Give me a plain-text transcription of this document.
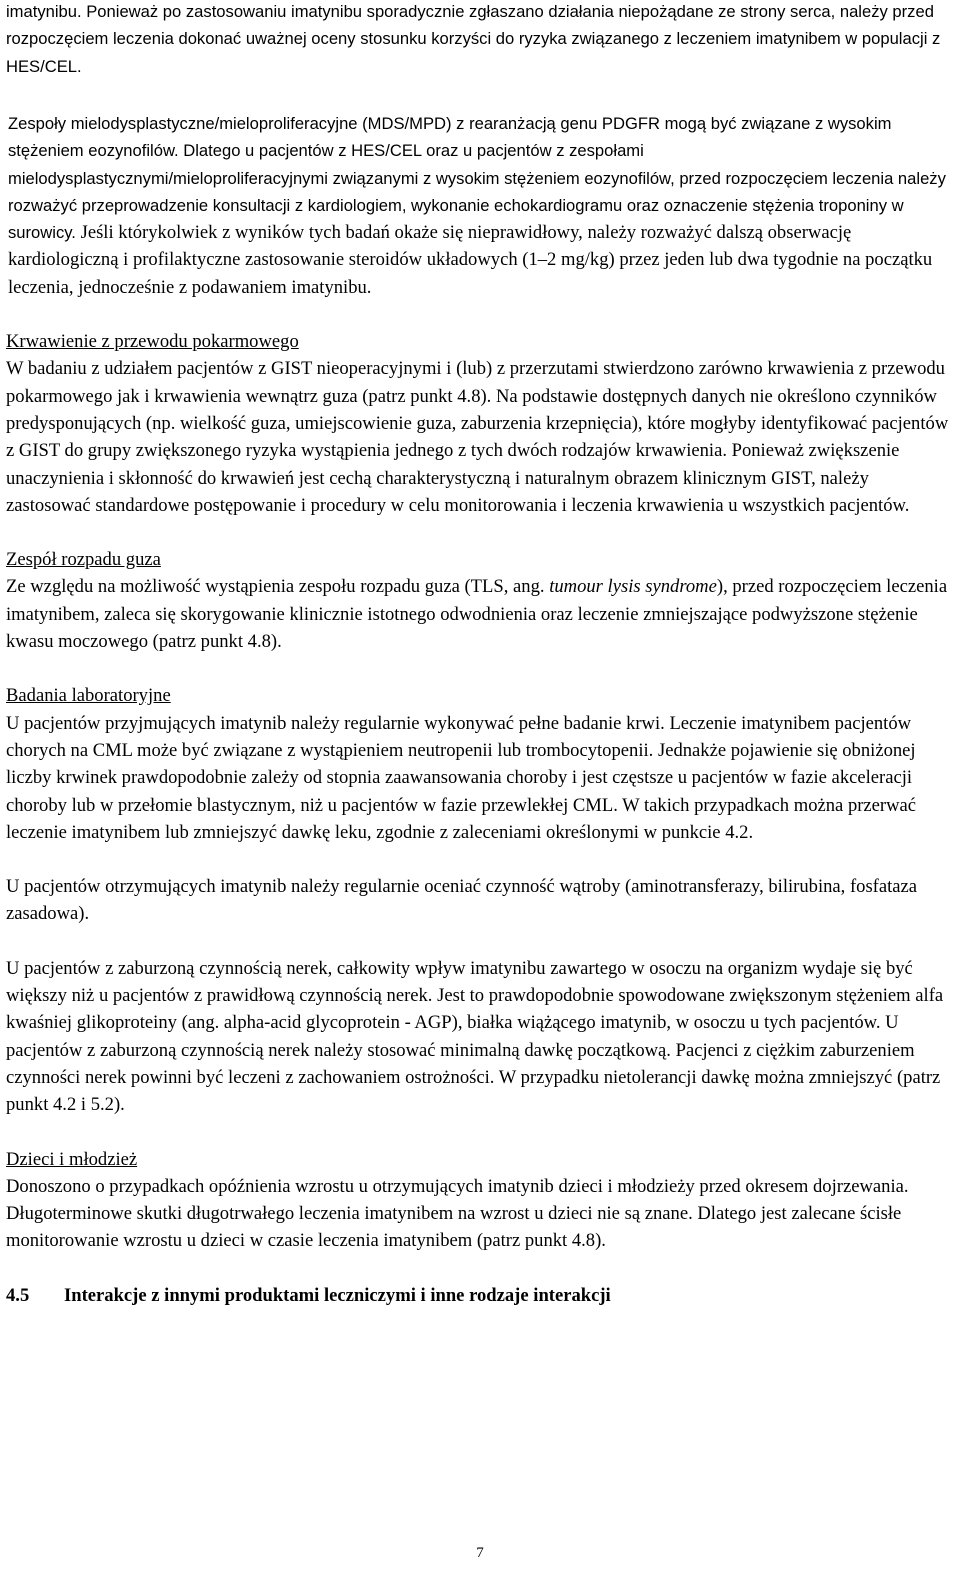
imatynibu. Ponieważ po zastosowaniu imatynibu sporadycznie zgłaszano działania niepożądane ze strony serca, należy przed rozpoczęciem leczenia dokonać uważnej oceny stosunku korzyści do ryzyka związanego z leczeniem imatynibem w populacji z HES/CEL.

Zespoły mielodysplastyczne/mieloproliferacyjne (MDS/MPD) z rearanżacją genu PDGFR mogą być związane z wysokim stężeniem eozynofilów. Dlatego u pacjentów z HES/CEL oraz u pacjentów z zespołami mielodysplastycznymi/mieloproliferacyjnymi związanymi z wysokim stężeniem eozynofilów, przed rozpoczęciem leczenia należy rozważyć przeprowadzenie konsultacji z kardiologiem, wykonanie echokardiogramu oraz oznaczenie stężenia troponiny w surowicy. Jeśli którykolwiek z wyników tych badań okaże się nieprawidłowy, należy rozważyć dalszą obserwację kardiologiczną i profilaktyczne zastosowanie steroidów układowych (1–2 mg/kg) przez jeden lub dwa tygodnie na początku leczenia, jednocześnie z podawaniem imatynibu.

Krwawienie z przewodu pokarmowego

W badaniu z udziałem pacjentów z GIST nieoperacyjnymi i (lub) z przerzutami stwierdzono zarówno krwawienia z przewodu pokarmowego jak i krwawienia wewnątrz guza (patrz punkt 4.8). Na podstawie dostępnych danych nie określono czynników predysponujących (np. wielkość guza, umiejscowienie guza, zaburzenia krzepnięcia), które mogłyby identyfikować pacjentów z GIST do grupy zwiększonego ryzyka wystąpienia jednego z tych dwóch rodzajów krwawienia. Ponieważ zwiększenie unaczynienia i skłonność do krwawień jest cechą charakterystyczną i naturalnym obrazem klinicznym GIST, należy zastosować standardowe postępowanie i procedury w celu monitorowania i leczenia krwawienia u wszystkich pacjentów.

Zespół rozpadu guza

Ze względu na możliwość wystąpienia zespołu rozpadu guza (TLS, ang. tumour lysis syndrome), przed rozpoczęciem leczenia imatynibem, zaleca się skorygowanie klinicznie istotnego odwodnienia oraz leczenie zmniejszające podwyższone stężenie kwasu moczowego (patrz punkt 4.8).

Badania laboratoryjne

U pacjentów przyjmujących imatynib należy regularnie wykonywać pełne badanie krwi. Leczenie imatynibem pacjentów chorych na CML może być związane z wystąpieniem neutropenii lub trombocytopenii. Jednakże pojawienie się obniżonej liczby krwinek prawdopodobnie zależy od stopnia zaawansowania choroby i jest częstsze u pacjentów w fazie akceleracji choroby lub w przełomie blastycznym, niż u pacjentów w fazie przewlekłej CML. W takich przypadkach można przerwać leczenie imatynibem lub zmniejszyć dawkę leku, zgodnie z zaleceniami określonymi w punkcie 4.2.

U pacjentów otrzymujących imatynib należy regularnie oceniać czynność wątroby (aminotransferazy, bilirubina, fosfataza zasadowa).

U pacjentów z zaburzoną czynnością nerek, całkowity wpływ imatynibu zawartego w osoczu na organizm wydaje się być większy niż u pacjentów z prawidłową czynnością nerek. Jest to prawdopodobnie spowodowane zwiększonym stężeniem alfa kwaśniej glikoproteiny (ang. alpha-acid glycoprotein - AGP), białka wiążącego imatynib, w osoczu u tych pacjentów. U pacjentów z zaburzoną czynnością nerek należy stosować minimalną dawkę początkową. Pacjenci z ciężkim zaburzeniem czynności nerek powinni być leczeni z zachowaniem ostrożności. W przypadku nietolerancji dawkę można zmniejszyć (patrz punkt 4.2 i 5.2).

Dzieci i młodzież

Donoszono o przypadkach opóźnienia wzrostu u otrzymujących imatynib dzieci i młodzieży przed okresem dojrzewania. Długoterminowe skutki długotrwałego leczenia imatynibem na wzrost u dzieci nie są znane. Dlatego jest zalecane ścisłe monitorowanie wzrostu u dzieci w czasie leczenia imatynibem (patrz punkt 4.8).

4.5 Interakcje z innymi produktami leczniczymi i inne rodzaje interakcji

7
